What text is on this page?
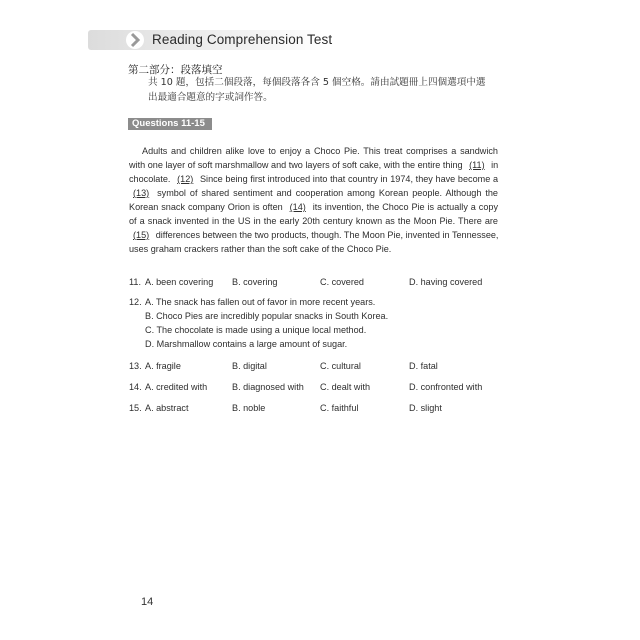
Reading Comprehension Test
第二部分：段落填空
共 10 題，包括二個段落，每個段落各含 5 個空格。請由試題冊上四個選項中選
出最適合題意的字或詞作答。
Questions 11-15
Adults and children alike love to enjoy a Choco Pie. This treat comprises a sandwich
with one layer of soft marshmallow and two layers of soft cake, with the entire thing (11) in
chocolate. (12) Since being first introduced into that country in 1974, they have become a
(13) symbol of shared sentiment and cooperation among Korean people. Although the
Korean snack company Orion is often (14) its invention, the Choco Pie is actually a copy
of a snack invented in the US in the early 20th century known as the Moon Pie. There are
(15) differences between the two products, though. The Moon Pie, invented in Tennessee,
uses graham crackers rather than the soft cake of the Choco Pie.
11. A. been covering B. covering	C. covered	D. having covered
12. A. The snack has fallen out of favor in more recent years.
B. Choco Pies are incredibly popular snacks in South Korea.
C. The chocolate is made using a unique local method.
D. Marshmallow contains a large amount of sugar.
13. A. fragile	B. digital	C. cultural	D. fatal
14. A. credited with	B. diagnosed with C. dealt with	D. confronted with
15. A. abstract	B. noble	C. faithful	D. slight
14
